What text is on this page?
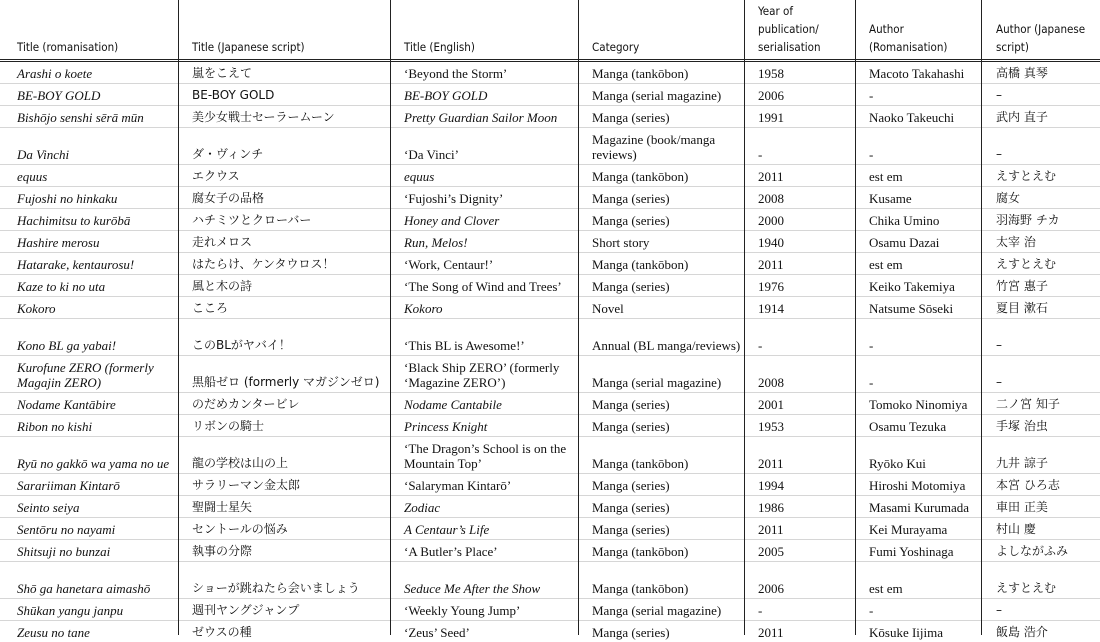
Title (romanisation)	Title (Japanese script)	Title (English)	Category	Year of publication/ serialisation	Author (Romanisation)	Author (Japanese script)
Arashi o koete	嵐をこえて	‘Beyond the Storm’	Manga (tankōbon)	1958	Macoto Takahashi	高橋 真琴
BE-BOY GOLD	BE-BOY GOLD	BE-BOY GOLD	Manga (serial magazine)	2006	-	–
Bishōjo senshi sērā mūn	美少女戦士セーラームーン	Pretty Guardian Sailor Moon	Manga (series)	1991	Naoko Takeuchi	武内 直子
Da Vinchi	ダ・ヴィンチ	‘Da Vinci’	Magazine (book/manga reviews)	-	-	–
equus	エクウス	equus	Manga (tankōbon)	2011	est em	えすとえむ
Fujoshi no hinkaku	腐女子の品格	‘Fujoshi’s Dignity’	Manga (series)	2008	Kusame	腐女
Hachimitsu to kurōbā	ハチミツとクローバー	Honey and Clover	Manga (series)	2000	Chika Umino	羽海野 チカ
Hashire merosu	走れメロス	Run, Melos!	Short story	1940	Osamu Dazai	太宰 治
Hatarake, kentaurosu!	はたらけ、ケンタウロス！	‘Work, Centaur!’	Manga (tankōbon)	2011	est em	えすとえむ
Kaze to ki no uta	風と木の詩	‘The Song of Wind and Trees’	Manga (series)	1976	Keiko Takemiya	竹宮 惠子
Kokoro	こころ	Kokoro	Novel	1914	Natsume Sōseki	夏目 漱石
Kono BL ga yabai!	このBLがヤバイ！	‘This BL is Awesome!’	Annual (BL manga/reviews)	-	-	–
Kurofune ZERO (formerly Magajin ZERO)	黒船ゼロ (formerly マガジンゼロ)	‘Black Ship ZERO’ (formerly ‘Magazine ZERO’)	Manga (serial magazine)	2008	-	–
Nodame Kantābire	のだめカンタービレ	Nodame Cantabile	Manga (series)	2001	Tomoko Ninomiya	二ノ宮 知子
Ribon no kishi	リボンの騎士	Princess Knight	Manga (series)	1953	Osamu Tezuka	手塚 治虫
Ryū no gakkō wa yama no ue	龍の学校は山の上	‘The Dragon’s School is on the Mountain Top’	Manga (tankōbon)	2011	Ryōko Kui	九井 諒子
Sarariiman Kintarō	サラリーマン金太郎	‘Salaryman Kintarō’	Manga (series)	1994	Hiroshi Motomiya	本宮 ひろ志
Seinto seiya	聖闘士星矢	Zodiac	Manga (series)	1986	Masami Kurumada	車田 正美
Sentōru no nayami	セントールの悩み	A Centaur’s Life	Manga (series)	2011	Kei Murayama	村山 慶
Shitsuji no bunzai	執事の分際	‘A Butler’s Place’	Manga (tankōbon)	2005	Fumi Yoshinaga	よしながふみ
Shō ga hanetara aimashō	ショーが跳ねたら会いましょう	Seduce Me After the Show	Manga (tankōbon)	2006	est em	えすとえむ
Shūkan yangu janpu	週刊ヤングジャンプ	‘Weekly Young Jump’	Manga (serial magazine)	-	-	–
Zeusu no tane	ゼウスの種	‘Zeus’ Seed’	Manga (series)	2011	Kōsuke Iijima	飯島 浩介
